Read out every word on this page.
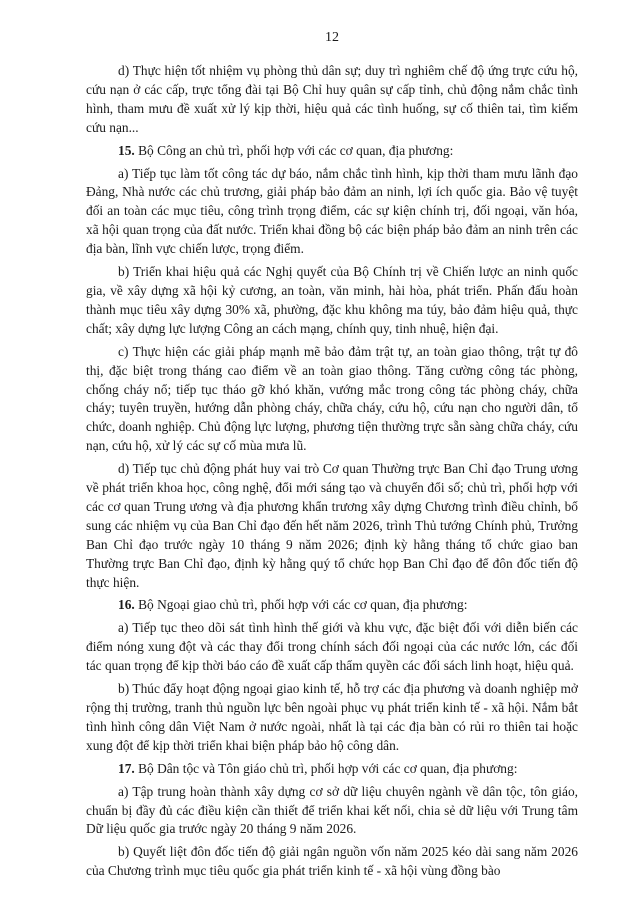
12

d) Thực hiện tốt nhiệm vụ phòng thủ dân sự; duy trì nghiêm chế độ ứng trực cứu hộ, cứu nạn ở các cấp, trực tổng đài tại Bộ Chỉ huy quân sự cấp tỉnh, chủ động nắm chắc tình hình, tham mưu đề xuất xử lý kịp thời, hiệu quả các tình huống, sự cố thiên tai, tìm kiếm cứu nạn...

15. Bộ Công an chủ trì, phối hợp với các cơ quan, địa phương:

a) Tiếp tục làm tốt công tác dự báo, nắm chắc tình hình, kịp thời tham mưu lãnh đạo Đảng, Nhà nước các chủ trương, giải pháp bảo đảm an ninh, lợi ích quốc gia. Bảo vệ tuyệt đối an toàn các mục tiêu, công trình trọng điểm, các sự kiện chính trị, đối ngoại, văn hóa, xã hội quan trọng của đất nước. Triển khai đồng bộ các biện pháp bảo đảm an ninh trên các địa bàn, lĩnh vực chiến lược, trọng điểm.

b) Triển khai hiệu quả các Nghị quyết của Bộ Chính trị về Chiến lược an ninh quốc gia, về xây dựng xã hội kỷ cương, an toàn, văn minh, hài hòa, phát triển. Phấn đấu hoàn thành mục tiêu xây dựng 30% xã, phường, đặc khu không ma túy, bảo đảm hiệu quả, thực chất; xây dựng lực lượng Công an cách mạng, chính quy, tinh nhuệ, hiện đại.

c) Thực hiện các giải pháp mạnh mẽ bảo đảm trật tự, an toàn giao thông, trật tự đô thị, đặc biệt trong tháng cao điểm về an toàn giao thông. Tăng cường công tác phòng, chống cháy nổ; tiếp tục tháo gỡ khó khăn, vướng mắc trong công tác phòng cháy, chữa cháy; tuyên truyền, hướng dẫn phòng cháy, chữa cháy, cứu hộ, cứu nạn cho người dân, tổ chức, doanh nghiệp. Chủ động lực lượng, phương tiện thường trực sẵn sàng chữa cháy, cứu nạn, cứu hộ, xử lý các sự cố mùa mưa lũ.

d) Tiếp tục chủ động phát huy vai trò Cơ quan Thường trực Ban Chỉ đạo Trung ương về phát triển khoa học, công nghệ, đổi mới sáng tạo và chuyển đổi số; chủ trì, phối hợp với các cơ quan Trung ương và địa phương khẩn trương xây dựng Chương trình điều chỉnh, bổ sung các nhiệm vụ của Ban Chỉ đạo đến hết năm 2026, trình Thủ tướng Chính phủ, Trưởng Ban Chỉ đạo trước ngày 10 tháng 9 năm 2026; định kỳ hằng tháng tổ chức giao ban Thường trực Ban Chỉ đạo, định kỳ hằng quý tổ chức họp Ban Chỉ đạo để đôn đốc tiến độ thực hiện.

16. Bộ Ngoại giao chủ trì, phối hợp với các cơ quan, địa phương:

a) Tiếp tục theo dõi sát tình hình thế giới và khu vực, đặc biệt đối với diễn biến các điểm nóng xung đột và các thay đổi trong chính sách đối ngoại của các nước lớn, các đối tác quan trọng để kịp thời báo cáo đề xuất cấp thẩm quyền các đối sách linh hoạt, hiệu quả.

b) Thúc đẩy hoạt động ngoại giao kinh tế, hỗ trợ các địa phương và doanh nghiệp mở rộng thị trường, tranh thủ nguồn lực bên ngoài phục vụ phát triển kinh tế - xã hội. Nắm bắt tình hình công dân Việt Nam ở nước ngoài, nhất là tại các địa bàn có rủi ro thiên tai hoặc xung đột để kịp thời triển khai biện pháp bảo hộ công dân.

17. Bộ Dân tộc và Tôn giáo chủ trì, phối hợp với các cơ quan, địa phương:

a) Tập trung hoàn thành xây dựng cơ sở dữ liệu chuyên ngành về dân tộc, tôn giáo, chuẩn bị đầy đủ các điều kiện cần thiết để triển khai kết nối, chia sẻ dữ liệu với Trung tâm Dữ liệu quốc gia trước ngày 20 tháng 9 năm 2026.

b) Quyết liệt đôn đốc tiến độ giải ngân nguồn vốn năm 2025 kéo dài sang năm 2026 của Chương trình mục tiêu quốc gia phát triển kinh tế - xã hội vùng đồng bào
